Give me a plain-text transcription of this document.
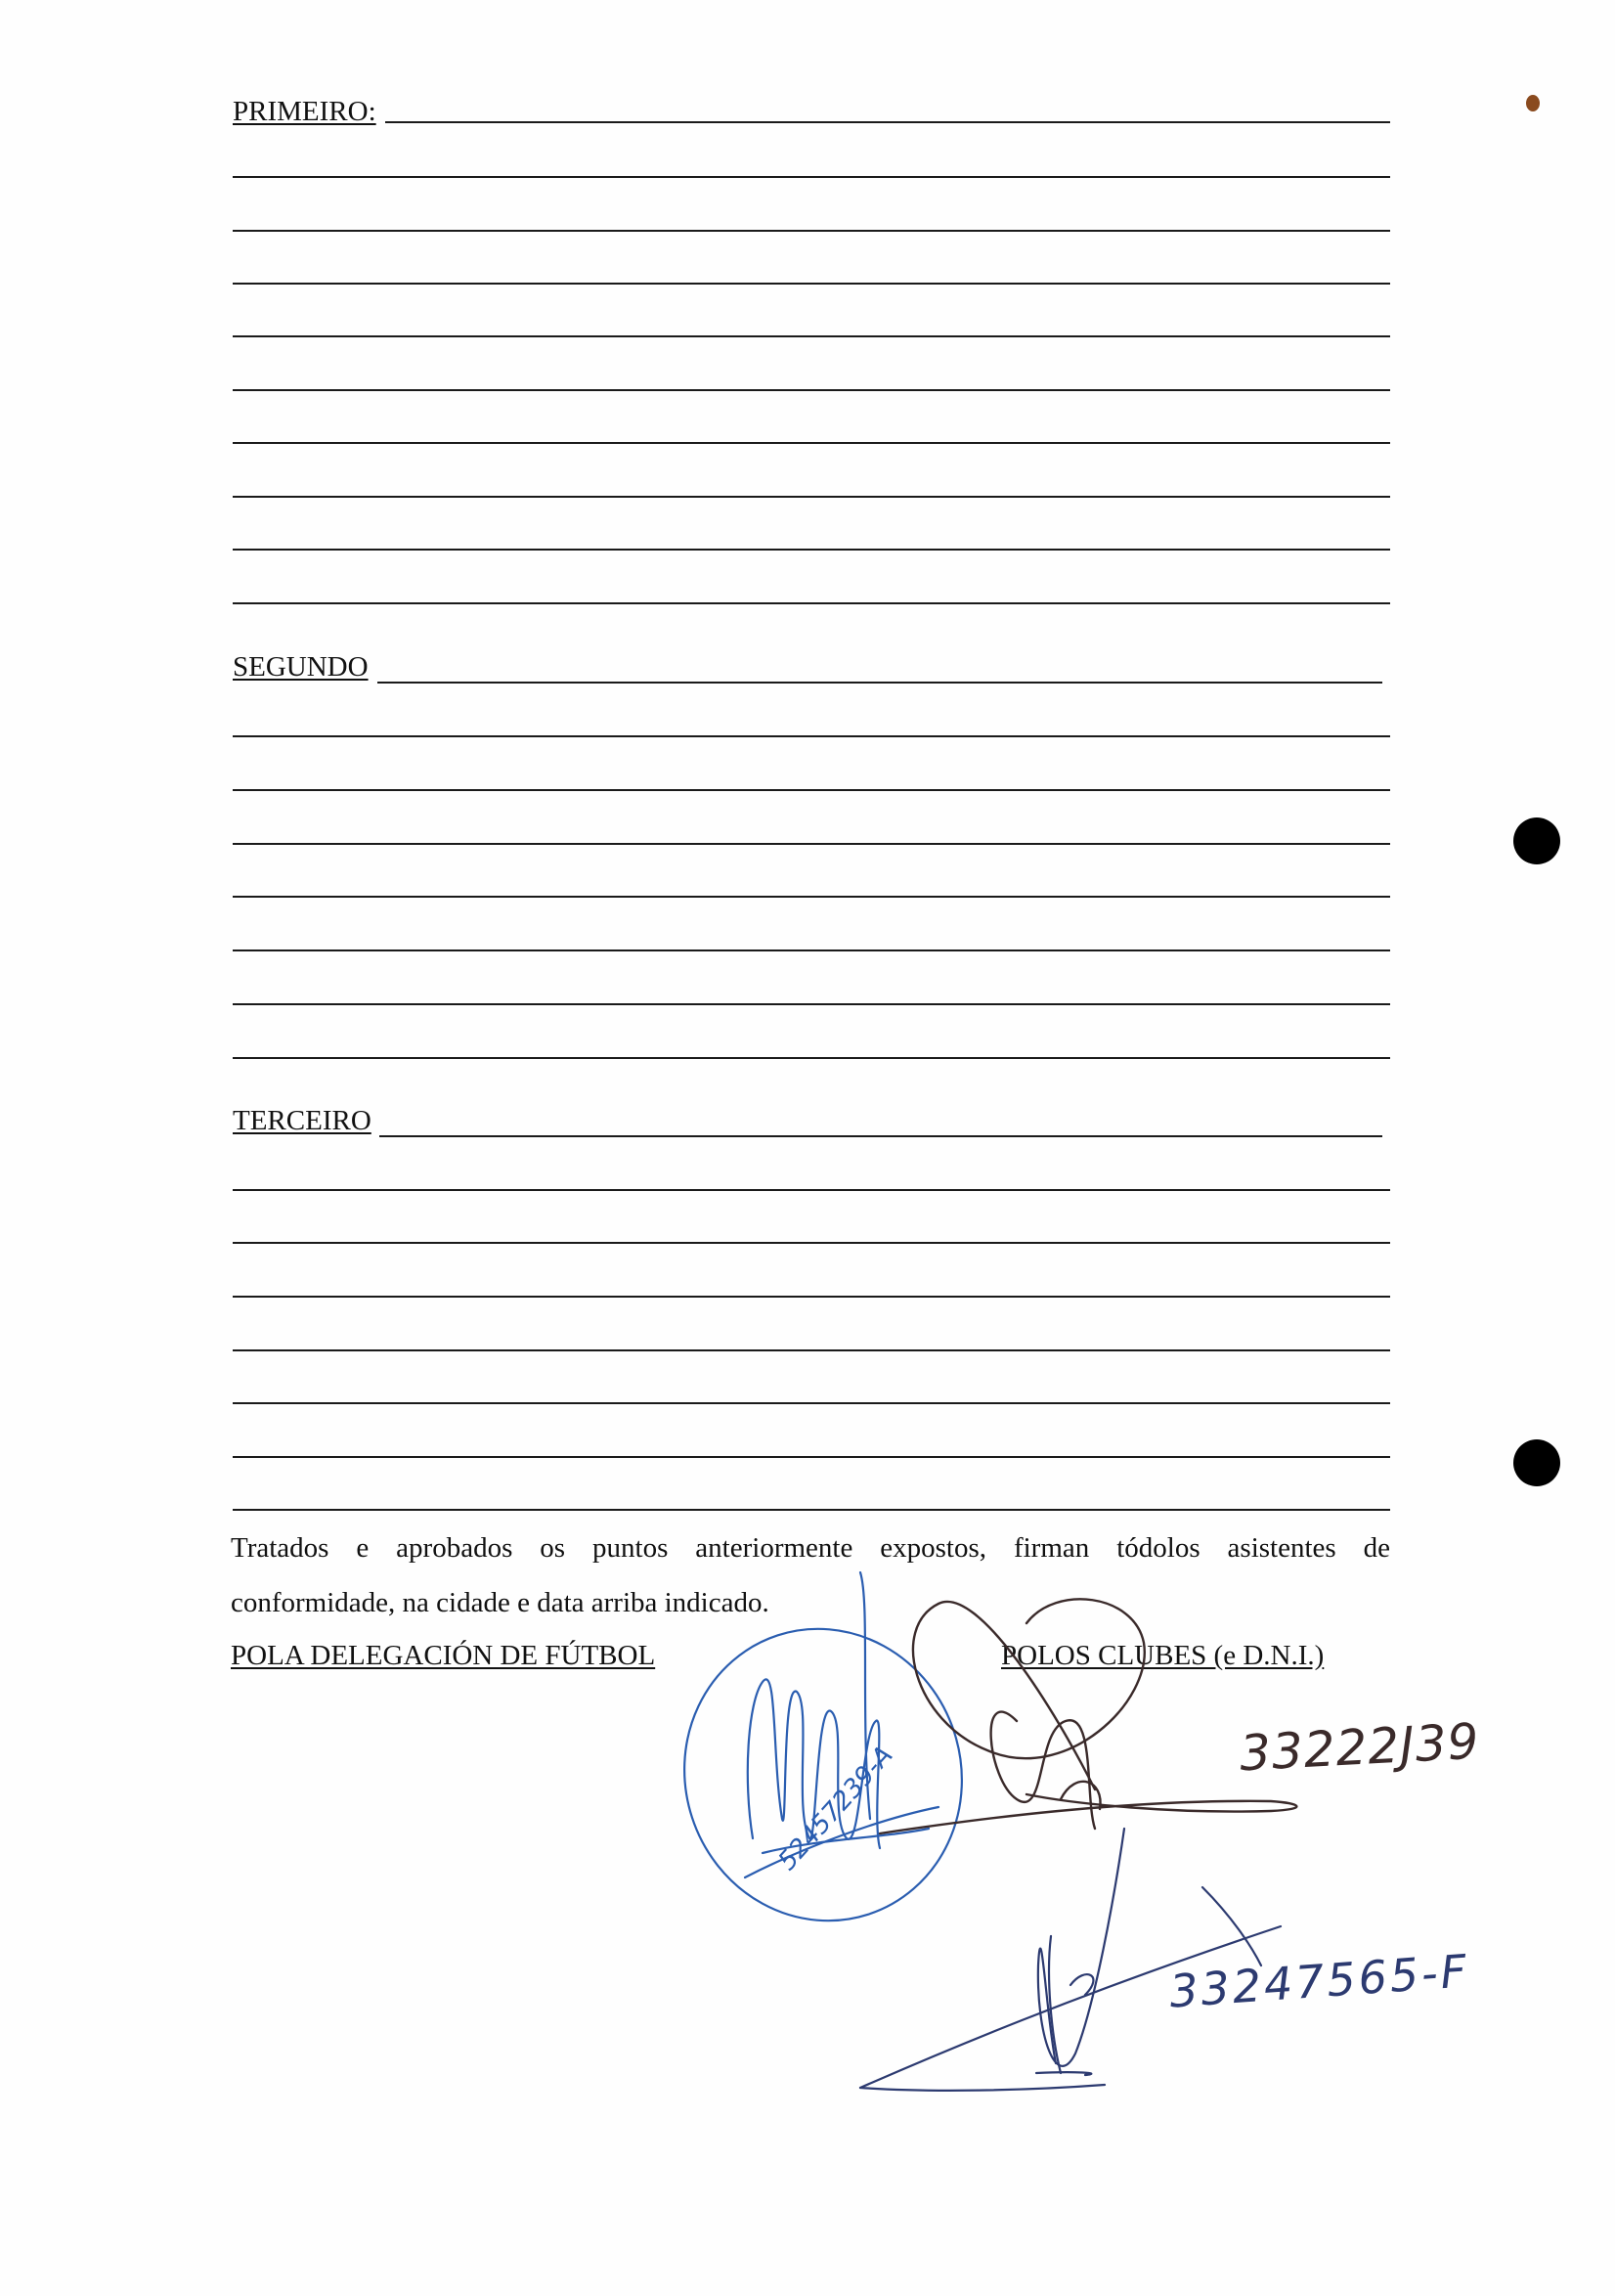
PRIMEIRO:
SEGUNDO
TERCEIRO
Tratados e aprobados os puntos anteriormente expostos, firman tódolos asistentes de
conformidade, na cidade e data arriba indicado.
POLA DELEGACIÓN DE FÚTBOL	POLOS CLUBES (e D.N.I.)
33222J39
33247565-F
52457239-A
